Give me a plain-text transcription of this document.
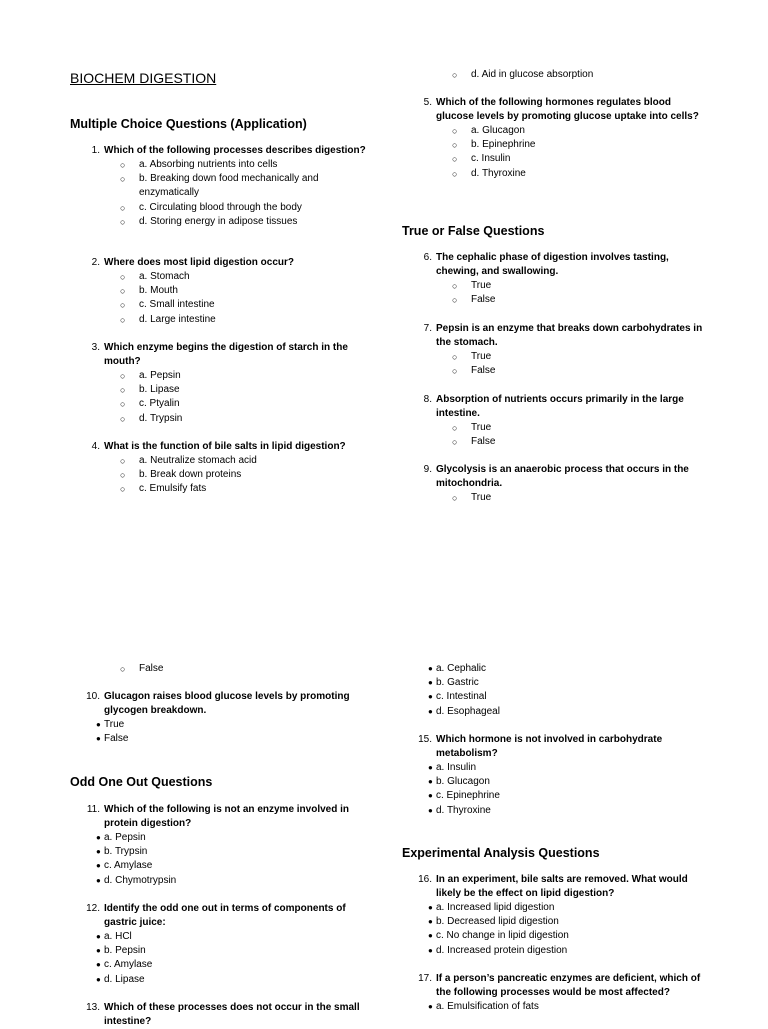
BIOCHEM DIGESTION
Multiple Choice Questions (Application)
1. Which of the following processes describes digestion?
○ a. Absorbing nutrients into cells
○ b. Breaking down food mechanically and enzymatically
○ c. Circulating blood through the body
○ d. Storing energy in adipose tissues
2. Where does most lipid digestion occur?
○ a. Stomach
○ b. Mouth
○ c. Small intestine
○ d. Large intestine
3. Which enzyme begins the digestion of starch in the mouth?
○ a. Pepsin
○ b. Lipase
○ c. Ptyalin
○ d. Trypsin
4. What is the function of bile salts in lipid digestion?
○ a. Neutralize stomach acid
○ b. Break down proteins
○ c. Emulsify fats
○ d. Aid in glucose absorption
5. Which of the following hormones regulates blood glucose levels by promoting glucose uptake into cells?
○ a. Glucagon
○ b. Epinephrine
○ c. Insulin
○ d. Thyroxine
True or False Questions
6. The cephalic phase of digestion involves tasting, chewing, and swallowing.
○ True
○ False
7. Pepsin is an enzyme that breaks down carbohydrates in the stomach.
○ True
○ False
8. Absorption of nutrients occurs primarily in the large intestine.
○ True
○ False
9. Glycolysis is an anaerobic process that occurs in the mitochondria.
○ True
○ False
10. Glucagon raises blood glucose levels by promoting glycogen breakdown.
● True
● False
Odd One Out Questions
11. Which of the following is not an enzyme involved in protein digestion?
● a. Pepsin
● b. Trypsin
● c. Amylase
● d. Chymotrypsin
12. Identify the odd one out in terms of components of gastric juice:
● a. HCl
● b. Pepsin
● c. Amylase
● d. Lipase
13. Which of these processes does not occur in the small intestine?
● a. Cephalic
● b. Gastric
● c. Intestinal
● d. Esophageal
15. Which hormone is not involved in carbohydrate metabolism?
● a. Insulin
● b. Glucagon
● c. Epinephrine
● d. Thyroxine
Experimental Analysis Questions
16. In an experiment, bile salts are removed. What would likely be the effect on lipid digestion?
● a. Increased lipid digestion
● b. Decreased lipid digestion
● c. No change in lipid digestion
● d. Increased protein digestion
17. If a person’s pancreatic enzymes are deficient, which of the following processes would be most affected?
● a. Emulsification of fats
